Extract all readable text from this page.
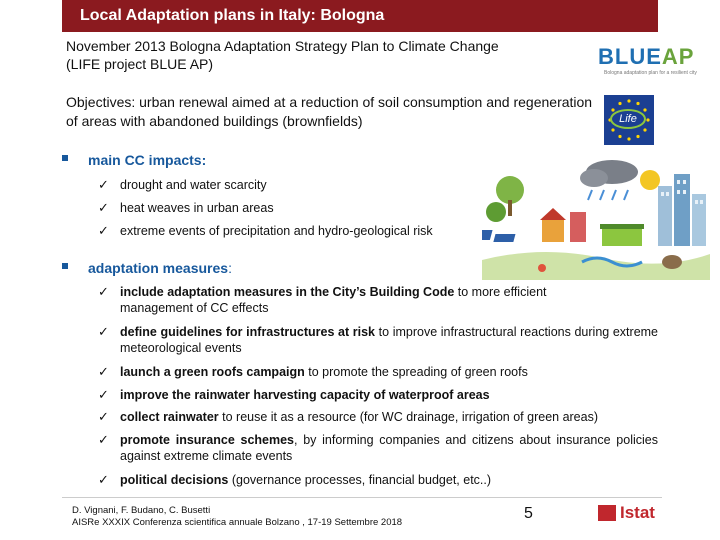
Local Adaptation plans in Italy: Bologna
November 2013 Bologna Adaptation Strategy Plan to Climate Change
(LIFE project BLUE AP)	BLUEAP
Bologna adaptation plan for a resilient city
Life
Objectives: urban renewal aimed at a reduction of soil consumption and regeneration of areas with abandoned buildings (brownfields)
main CC impacts:
✓ drought and water scarcity
✓ heat weaves in urban areas
✓ extreme events of precipitation and hydro-geological risk
adaptation measures:
✓ include adaptation measures in the City’s Building Code to more efficient management of CC effects
✓ define guidelines for infrastructures at risk to improve infrastructural reactions during extreme meteorological events
✓ launch a green roofs campaign to promote the spreading of green roofs
✓ improve the rainwater harvesting capacity of waterproof areas
✓ collect rainwater to reuse it as a resource (for WC drainage, irrigation of green areas)
✓ promote insurance schemes, by informing companies and citizens about insurance policies against extreme climate events
✓ political decisions (governance processes, financial budget, etc..)
D. Vignani, F. Budano, C. Busetti
AISRe XXXIX Conferenza scientifica annuale Bolzano , 17-19 Settembre 2018
5	Istat
